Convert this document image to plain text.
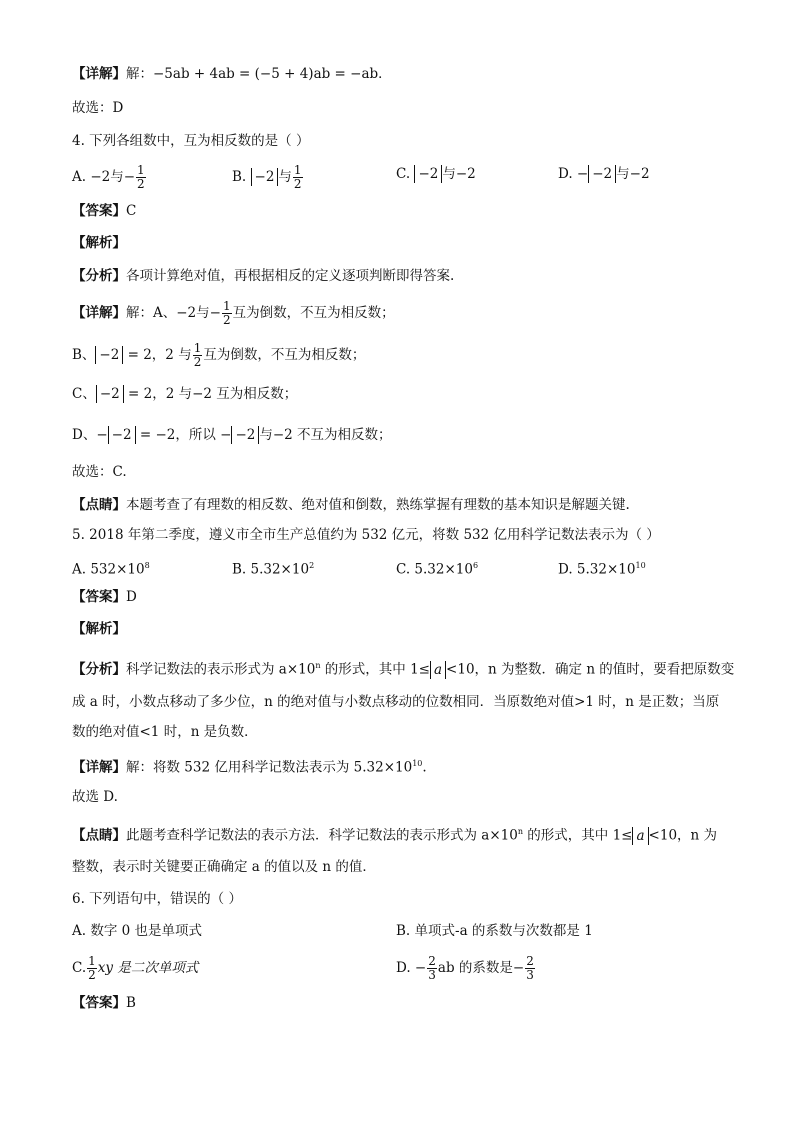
【详解】解：−5ab + 4ab = (−5 + 4)ab = −ab．
故选：D
4. 下列各组数中，互为相反数的是（ ）
A. −2与− $\frac{1}{2}$	B. −2 与 $\frac{1}{2}$	C. −2 与−2	D. − −2 与−2
【答案】C
【解析】
【分析】各项计算绝对值，再根据相反的定义逐项判断即得答案.
【详解】解：A、−2与− $\frac{1}{2}$ 互为倒数，不互为相反数；
B、 −2 = 2，2 与 $\frac{1}{2}$ 互为倒数，不互为相反数；
C、 −2 = 2，2 与−2 互为相反数；
D、− −2 = −2，所以 − −2 与−2 不互为相反数；
故选：C.
【点睛】本题考查了有理数的相反数、绝对值和倒数，熟练掌握有理数的基本知识是解题关键.
5. 2018 年第二季度，遵义市全市生产总值约为 532 亿元，将数 532 亿用科学记数法表示为（ ）
A. $532\times 10^8$	B. $5.32\times 10^2$	C. $5.32\times 10^6$	D. $5.32\times 10^{10}$
【答案】D
【解析】
【分析】科学记数法的表示形式为 $a\times 10^n$ 的形式，其中 1≤ a <10，n 为整数．确定 n 的值时，要看把原数变
成 a 时，小数点移动了多少位，n 的绝对值与小数点移动的位数相同．当原数绝对值>1 时，n 是正数；当原
数的绝对值<1 时，n 是负数．
【详解】解：将数 532 亿用科学记数法表示为 $5.32\times 10^{10}$.
故选 D.
【点睛】此题考查科学记数法的表示方法．科学记数法的表示形式为 $a\times 10^n$ 的形式，其中 1≤ a <10，n 为
整数，表示时关键要正确确定 a 的值以及 n 的值．
6. 下列语句中，错误的（ ）
A. 数字 0 也是单项式	B. 单项式-a 的系数与次数都是 1
C. $\frac{1}{2}$ xy 是二次单项式	D. − $\frac{2}{3}$ ab 的系数是− $\frac{2}{3}$
【答案】B
